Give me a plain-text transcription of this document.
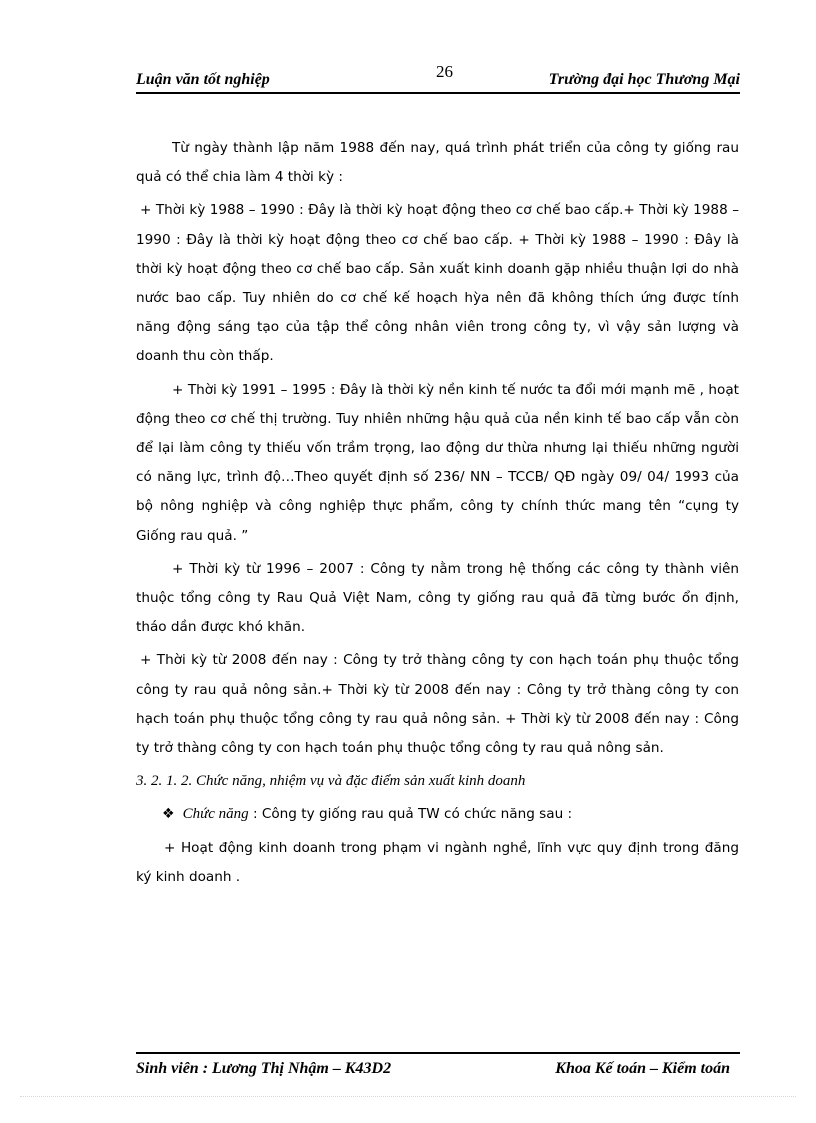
Luận văn tốt nghiệp	26	Trường đại học Thương Mại

Từ ngày thành lập năm 1988 đến nay, quá trình phát triển của công ty giống rau quả có thể chia làm 4 thời kỳ :

+ Thời kỳ 1988 – 1990 : Đây là thời kỳ hoạt động theo cơ chế bao cấp.+ Thời kỳ 1988 – 1990 : Đây là thời kỳ hoạt động theo cơ chế bao cấp. + Thời kỳ 1988 – 1990 : Đây là thời kỳ hoạt động theo cơ chế bao cấp. Sản xuất kinh doanh gặp nhiều thuận lợi do nhà nước bao cấp. Tuy nhiên do cơ chế kế hoạch hỳa nên đã không thích ứng được tính năng động sáng tạo của tập thể công nhân viên trong công ty, vì vậy sản lượng và doanh thu còn thấp.

+ Thời kỳ 1991 – 1995 : Đây là thời kỳ nền kinh tế nước ta đổi mới mạnh mẽ , hoạt động theo cơ chế thị trường. Tuy nhiên những hậu quả của nền kinh tế bao cấp vẫn còn để lại làm công ty thiếu vốn trầm trọng, lao động dư thừa nhưng lại thiếu những người có năng lực, trình độ…Theo quyết định số 236/ NN – TCCB/ QĐ ngày 09/ 04/ 1993 của bộ nông nghiệp và công nghiệp thực phẩm, công ty chính thức mang tên “cụng ty Giống rau quả. ”

+ Thời kỳ từ 1996 – 2007 : Công ty nằm trong hệ thống các công ty thành viên thuộc tổng công ty Rau Quả Việt Nam, công ty giống rau quả đã từng bước ổn định, tháo dần được khó khăn.

+ Thời kỳ từ 2008 đến nay : Công ty trở thàng công ty con hạch toán phụ thuộc tổng công ty rau quả nông sản.+ Thời kỳ từ 2008 đến nay : Công ty trở thàng công ty con hạch toán phụ thuộc tổng công ty rau quả nông sản. + Thời kỳ từ 2008 đến nay : Công ty trở thàng công ty con hạch toán phụ thuộc tổng công ty rau quả nông sản.

3. 2. 1. 2. Chức năng, nhiệm vụ và đặc điểm sản xuất kinh doanh

❖ Chức năng : Công ty giống rau quả TW có chức năng sau :

+ Hoạt động kinh doanh trong phạm vi ngành nghề, lĩnh vực quy định trong đăng ký kinh doanh .

Sinh viên : Lương Thị Nhậm – K43D2	Khoa Kế toán – Kiểm toán
